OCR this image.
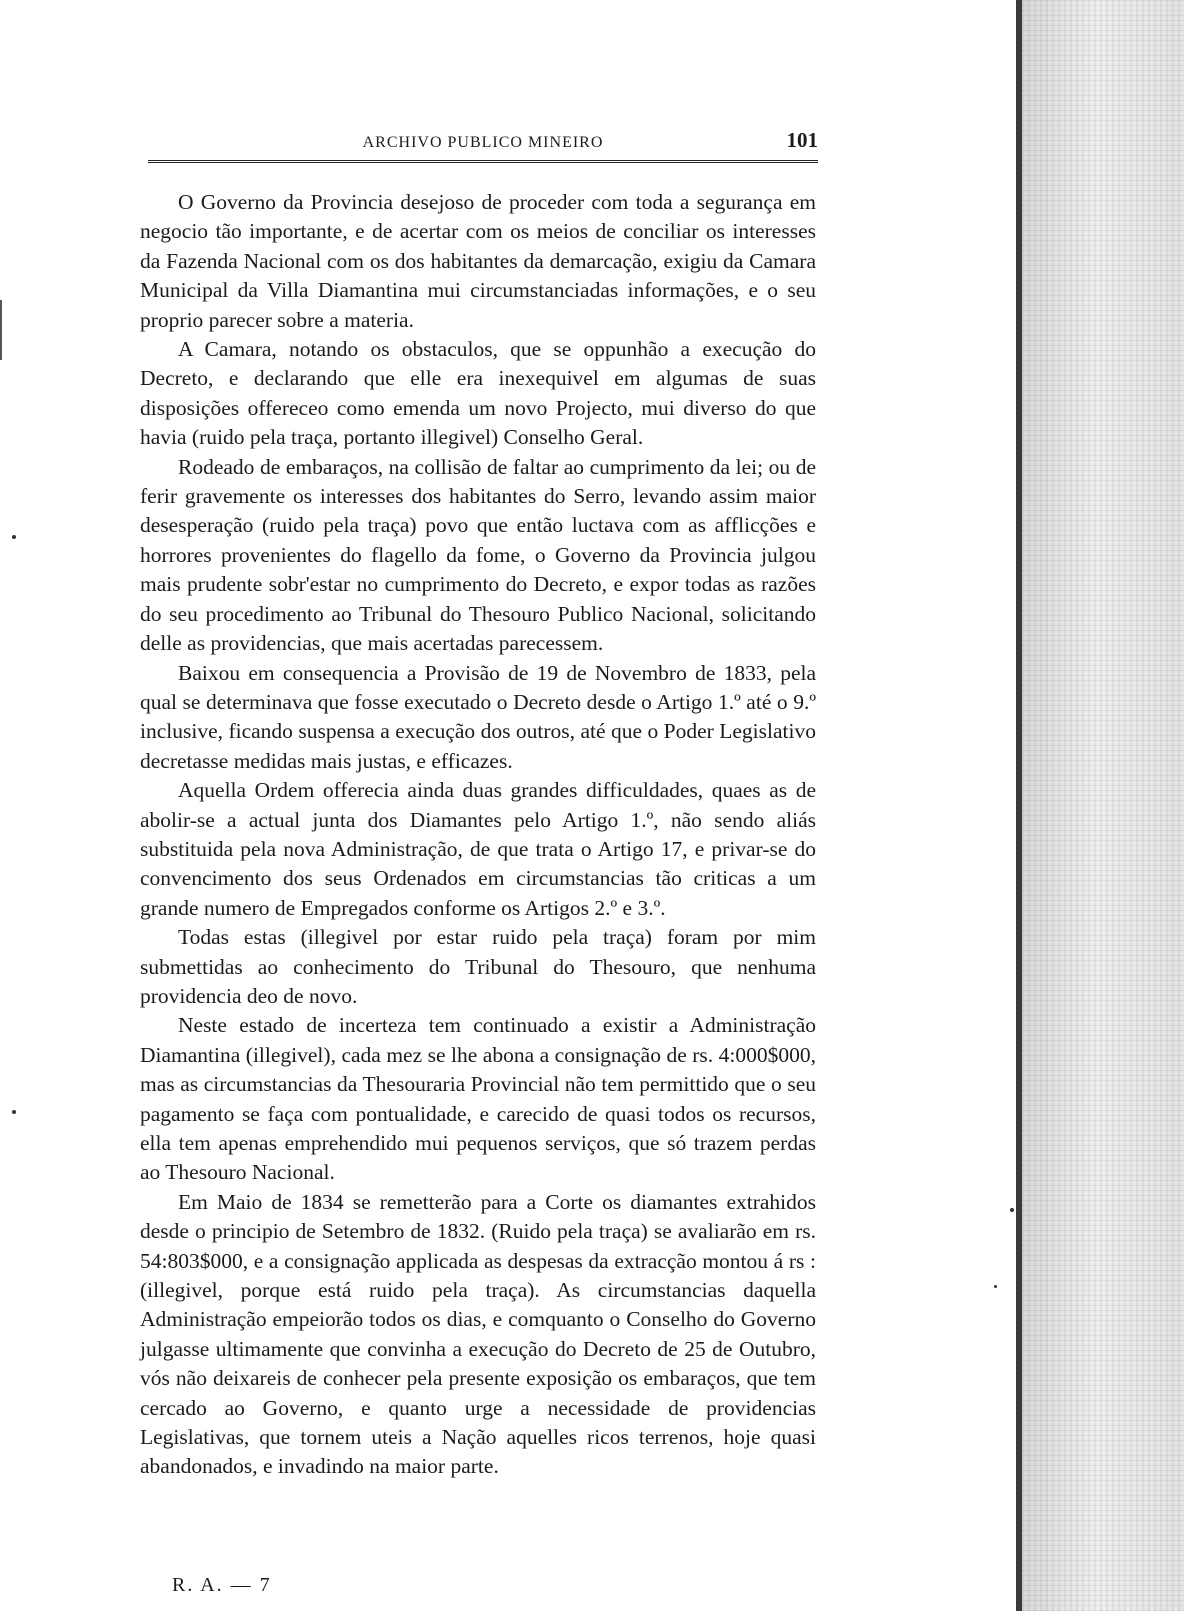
ARCHIVO PUBLICO MINEIRO	101

O Governo da Provincia desejoso de proceder com toda a segurança em negocio tão importante, e de acertar com os meios de conciliar os interesses da Fazenda Nacional com os dos habitantes da demarcação, exigiu da Camara Municipal da Villa Diamantina mui circumstanciadas informações, e o seu proprio parecer sobre a materia.

A Camara, notando os obstaculos, que se oppunhão a execução do Decreto, e declarando que elle era inexequivel em algumas de suas disposições offereceo como emenda um novo Projecto, mui diverso do que havia (ruido pela traça, portanto illegivel) Conselho Geral.

Rodeado de embaraços, na collisão de faltar ao cumprimento da lei; ou de ferir gravemente os interesses dos habitantes do Serro, levando assim maior desesperação (ruido pela traça) povo que então luctava com as afflicções e horrores provenientes do flagello da fome, o Governo da Provincia julgou mais prudente sobr'estar no cumprimento do Decreto, e expor todas as razões do seu procedimento ao Tribunal do Thesouro Publico Nacional, solicitando delle as providencias, que mais acertadas parecessem.

Baixou em consequencia a Provisão de 19 de Novembro de 1833, pela qual se determinava que fosse executado o Decreto desde o Artigo 1.º até o 9.º inclusive, ficando suspensa a execução dos outros, até que o Poder Legislativo decretasse medidas mais justas, e efficazes.

Aquella Ordem offerecia ainda duas grandes difficuldades, quaes as de abolir-se a actual junta dos Diamantes pelo Artigo 1.º, não sendo aliás substituida pela nova Administração, de que trata o Artigo 17, e privar-se do convencimento dos seus Ordenados em circumstancias tão criticas a um grande numero de Empregados conforme os Artigos 2.º e 3.º.

Todas estas (illegivel por estar ruido pela traça) foram por mim submettidas ao conhecimento do Tribunal do Thesouro, que nenhuma providencia deo de novo.

Neste estado de incerteza tem continuado a existir a Administração Diamantina (illegivel), cada mez se lhe abona a consignação de rs. 4:000$000, mas as circumstancias da Thesouraria Provincial não tem permittido que o seu pagamento se faça com pontualidade, e carecido de quasi todos os recursos, ella tem apenas emprehendido mui pequenos serviços, que só trazem perdas ao Thesouro Nacional.

Em Maio de 1834 se remetterão para a Corte os diamantes extrahidos desde o principio de Setembro de 1832. (Ruido pela traça) se avaliarão em rs. 54:803$000, e a consignação applicada as despesas da extracção montou á rs : (illegivel, porque está ruido pela traça). As circumstancias daquella Administração empeiorão todos os dias, e comquanto o Conselho do Governo julgasse ultimamente que convinha a execução do Decreto de 25 de Outubro, vós não deixareis de conhecer pela presente exposição os embaraços, que tem cercado ao Governo, e quanto urge a necessidade de providencias Legislativas, que tornem uteis a Nação aquelles ricos terrenos, hoje quasi abandonados, e invadindo na maior parte.

R. A. — 7
